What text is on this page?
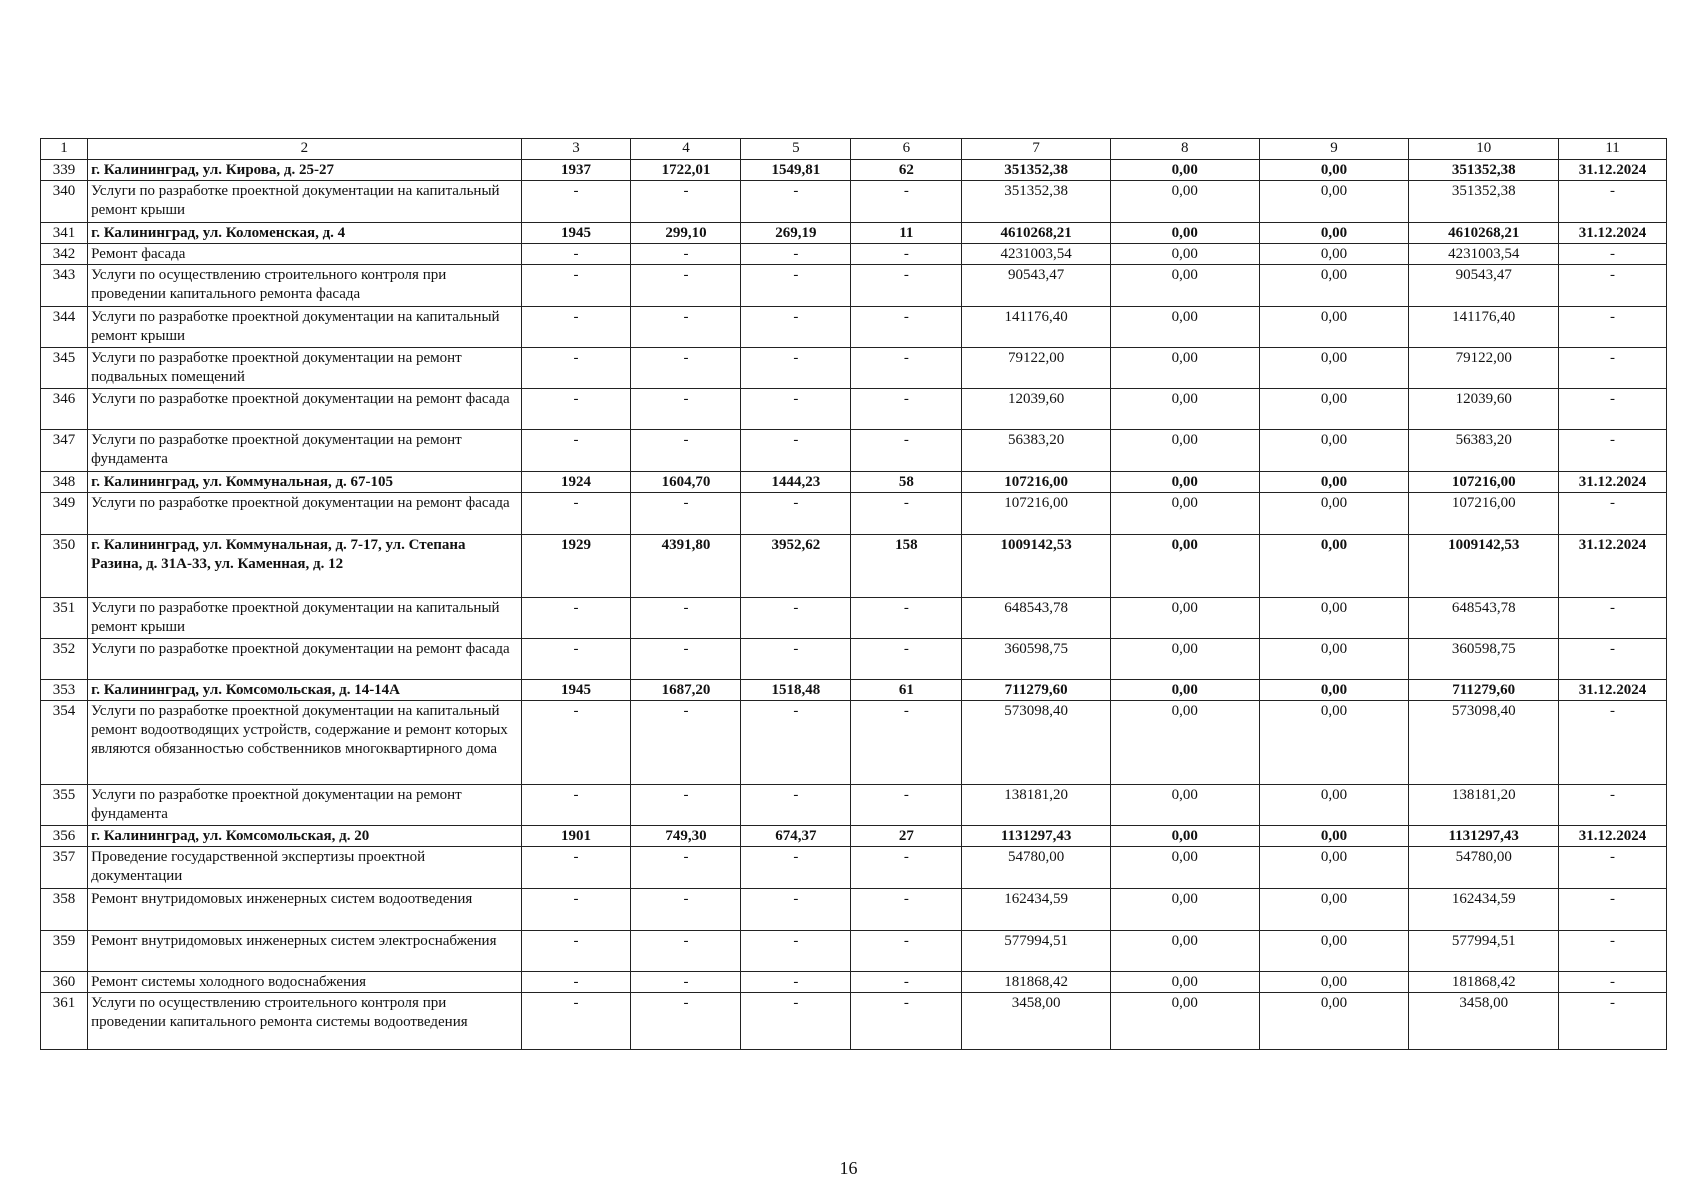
1	2	3	4	5	6	7	8	9	10	11
339	г. Калининград, ул. Кирова, д. 25-27	1937	1722,01	1549,81	62	351352,38	0,00	0,00	351352,38	31.12.2024
340	Услуги по разработке проектной документации на капитальный ремонт крыши	-	-	-	-	351352,38	0,00	0,00	351352,38	-
341	г. Калининград, ул. Коломенская, д. 4	1945	299,10	269,19	11	4610268,21	0,00	0,00	4610268,21	31.12.2024
342	Ремонт фасада	-	-	-	-	4231003,54	0,00	0,00	4231003,54	-
343	Услуги по осуществлению строительного контроля при проведении капитального ремонта фасада	-	-	-	-	90543,47	0,00	0,00	90543,47	-
344	Услуги по разработке проектной документации на капитальный ремонт крыши	-	-	-	-	141176,40	0,00	0,00	141176,40	-
345	Услуги по разработке проектной документации на ремонт подвальных помещений	-	-	-	-	79122,00	0,00	0,00	79122,00	-
346	Услуги по разработке проектной документации на ремонт фасада	-	-	-	-	12039,60	0,00	0,00	12039,60	-
347	Услуги по разработке проектной документации на ремонт фундамента	-	-	-	-	56383,20	0,00	0,00	56383,20	-
348	г. Калининград, ул. Коммунальная, д. 67-105	1924	1604,70	1444,23	58	107216,00	0,00	0,00	107216,00	31.12.2024
349	Услуги по разработке проектной документации на ремонт фасада	-	-	-	-	107216,00	0,00	0,00	107216,00	-
350	г. Калининград, ул. Коммунальная, д. 7-17, ул. Степана Разина, д. 31А-33, ул. Каменная, д. 12	1929	4391,80	3952,62	158	1009142,53	0,00	0,00	1009142,53	31.12.2024
351	Услуги по разработке проектной документации на капитальный ремонт крыши	-	-	-	-	648543,78	0,00	0,00	648543,78	-
352	Услуги по разработке проектной документации на ремонт фасада	-	-	-	-	360598,75	0,00	0,00	360598,75	-
353	г. Калининград, ул. Комсомольская, д. 14-14А	1945	1687,20	1518,48	61	711279,60	0,00	0,00	711279,60	31.12.2024
354	Услуги по разработке проектной документации на капитальный ремонт водоотводящих устройств, содержание и ремонт которых являются обязанностью собственников многоквартирного дома	-	-	-	-	573098,40	0,00	0,00	573098,40	-
355	Услуги по разработке проектной документации на ремонт фундамента	-	-	-	-	138181,20	0,00	0,00	138181,20	-
356	г. Калининград, ул. Комсомольская, д. 20	1901	749,30	674,37	27	1131297,43	0,00	0,00	1131297,43	31.12.2024
357	Проведение государственной экспертизы проектной документации	-	-	-	-	54780,00	0,00	0,00	54780,00	-
358	Ремонт внутридомовых инженерных систем водоотведения	-	-	-	-	162434,59	0,00	0,00	162434,59	-
359	Ремонт внутридомовых инженерных систем электроснабжения	-	-	-	-	577994,51	0,00	0,00	577994,51	-
360	Ремонт системы холодного водоснабжения	-	-	-	-	181868,42	0,00	0,00	181868,42	-
361	Услуги по осуществлению строительного контроля при проведении капитального ремонта системы водоотведения	-	-	-	-	3458,00	0,00	0,00	3458,00	-
16
